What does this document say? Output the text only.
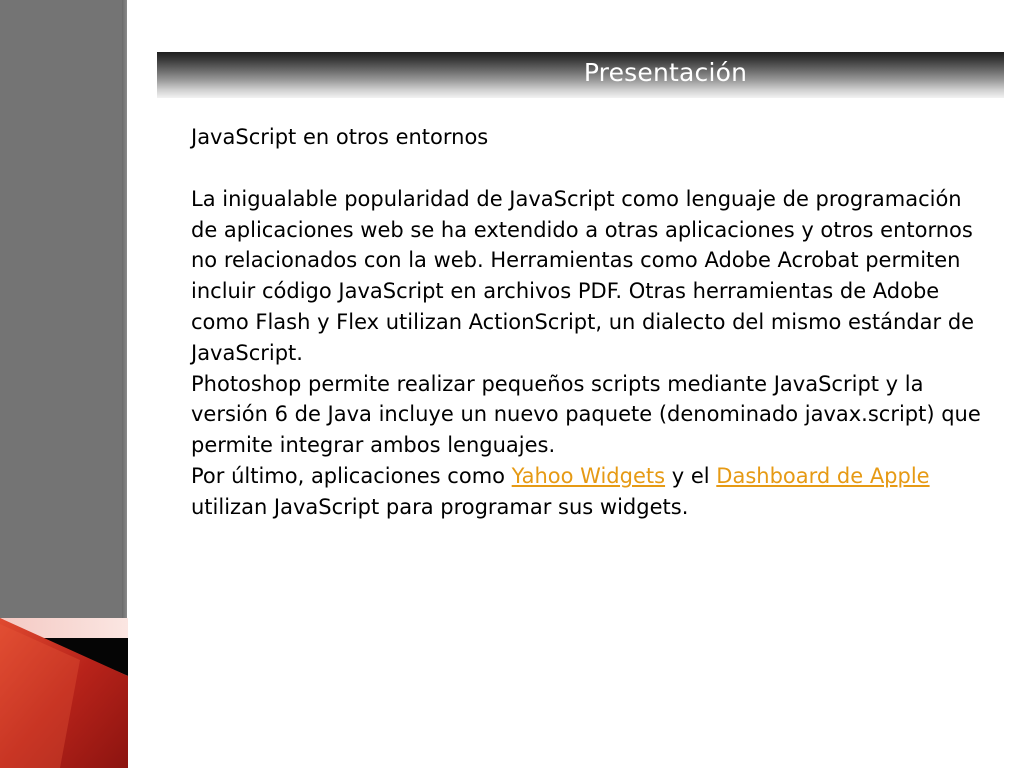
Presentación

JavaScript en otros entornos

La inigualable popularidad de JavaScript como lenguaje de programación de aplicaciones web se ha extendido a otras aplicaciones y otros entornos no relacionados con la web. Herramientas como Adobe Acrobat permiten incluir código JavaScript en archivos PDF. Otras herramientas de Adobe como Flash y Flex utilizan ActionScript, un dialecto del mismo estándar de JavaScript.

Photoshop permite realizar pequeños scripts mediante JavaScript y la versión 6 de Java incluye un nuevo paquete (denominado javax.script) que permite integrar ambos lenguajes.

Por último, aplicaciones como Yahoo Widgets y el Dashboard de Apple utilizan JavaScript para programar sus widgets.
